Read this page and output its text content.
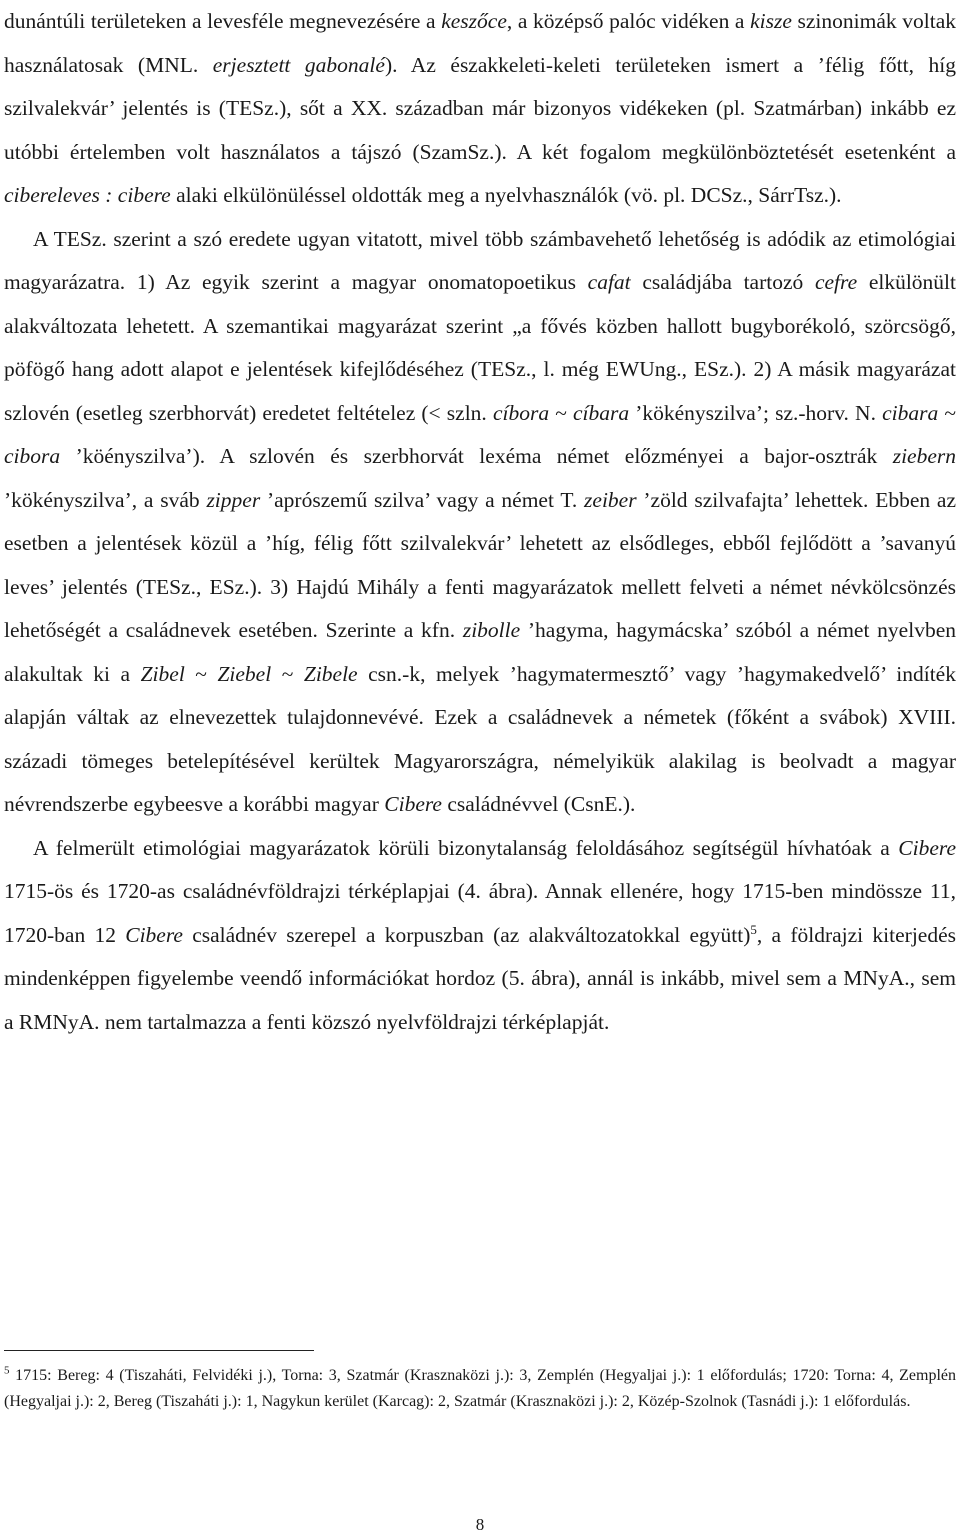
dunántúli területeken a levesféle megnevezésére a keszőce, a középső palóc vidéken a kisze szinonimák voltak használatosak (MNL. erjesztett gabonalé). Az északkeleti-keleti területeken ismert a ’félig főtt, híg szilvalekvár’ jelentés is (TESz.), sőt a XX. században már bizonyos vidékeken (pl. Szatmárban) inkább ez utóbbi értelemben volt használatos a tájszó (SzamSz.). A két fogalom megkülönböztetését esetenként a cibereleves : cibere alaki elkülönüléssel oldották meg a nyelvhasználók (vö. pl. DCSz., SárrTsz.).

A TESz. szerint a szó eredete ugyan vitatott, mivel több számbavehető lehetőség is adódik az etimológiai magyarázatra. 1) Az egyik szerint a magyar onomatopoetikus cafat családjába tartozó cefre elkülönült alakváltozata lehetett. A szemantikai magyarázat szerint „a fővés közben hallott bugyborékoló, szörcsögő, pöfögő hang adott alapot e jelentések kifejlődéséhez (TESz., l. még EWUng., ESz.). 2) A másik magyarázat szlovén (esetleg szerbhorvát) eredetet feltételez (< szln. cíbora ~ cíbara ’kökényszilva’; sz.-horv. N. cibara ~ cibora ’köényszilva’). A szlovén és szerbhorvát lexéma német előzményei a bajor-osztrák ziebern ’kökényszilva’, a sváb zipper ’aprószemű szilva’ vagy a német T. zeiber ’zöld szilvafajta’ lehettek. Ebben az esetben a jelentések közül a ’híg, félig főtt szilvalekvár’ lehetett az elsődleges, ebből fejlődött a ’savanyú leves’ jelentés (TESz., ESz.). 3) Hajdú Mihály a fenti magyarázatok mellett felveti a német névkölcsönzés lehetőségét a családnevek esetében. Szerinte a kfn. zibolle ’hagyma, hagymácska’ szóból a német nyelvben alakultak ki a Zibel ~ Ziebel ~ Zibele csn.-k, melyek ’hagymatermesztő’ vagy ’hagymakedvelő’ indíték alapján váltak az elnevezettek tulajdonnevévé. Ezek a családnevek a németek (főként a svábok) XVIII. századi tömeges betelepítésével kerültek Magyarországra, némelyikük alakilag is beolvadt a magyar névrendszerbe egybeesve a korábbi magyar Cibere családnévvel (CsnE.).

A felmerült etimológiai magyarázatok körüli bizonytalanság feloldásához segítségül hívhatóak a Cibere 1715-ös és 1720-as családnévföldrajzi térképlapjai (4. ábra). Annak ellenére, hogy 1715-ben mindössze 11, 1720-ban 12 Cibere családnév szerepel a korpuszban (az alakváltozatokkal együtt)$^5$, a földrajzi kiterjedés mindenképpen figyelembe veendő információkat hordoz (5. ábra), annál is inkább, mivel sem a MNyA., sem a RMNyA. nem tartalmazza a fenti közszó nyelvföldrajzi térképlapját.

$^5$ 1715: Bereg: 4 (Tiszaháti, Felvidéki j.), Torna: 3, Szatmár (Krasznaközi j.): 3, Zemplén (Hegyaljai j.): 1 előfordulás; 1720: Torna: 4, Zemplén (Hegyaljai j.): 2, Bereg (Tiszaháti j.): 1, Nagykun kerület (Karcag): 2, Szatmár (Krasznaközi j.): 2, Közép-Szolnok (Tasnádi j.): 1 előfordulás.

8
